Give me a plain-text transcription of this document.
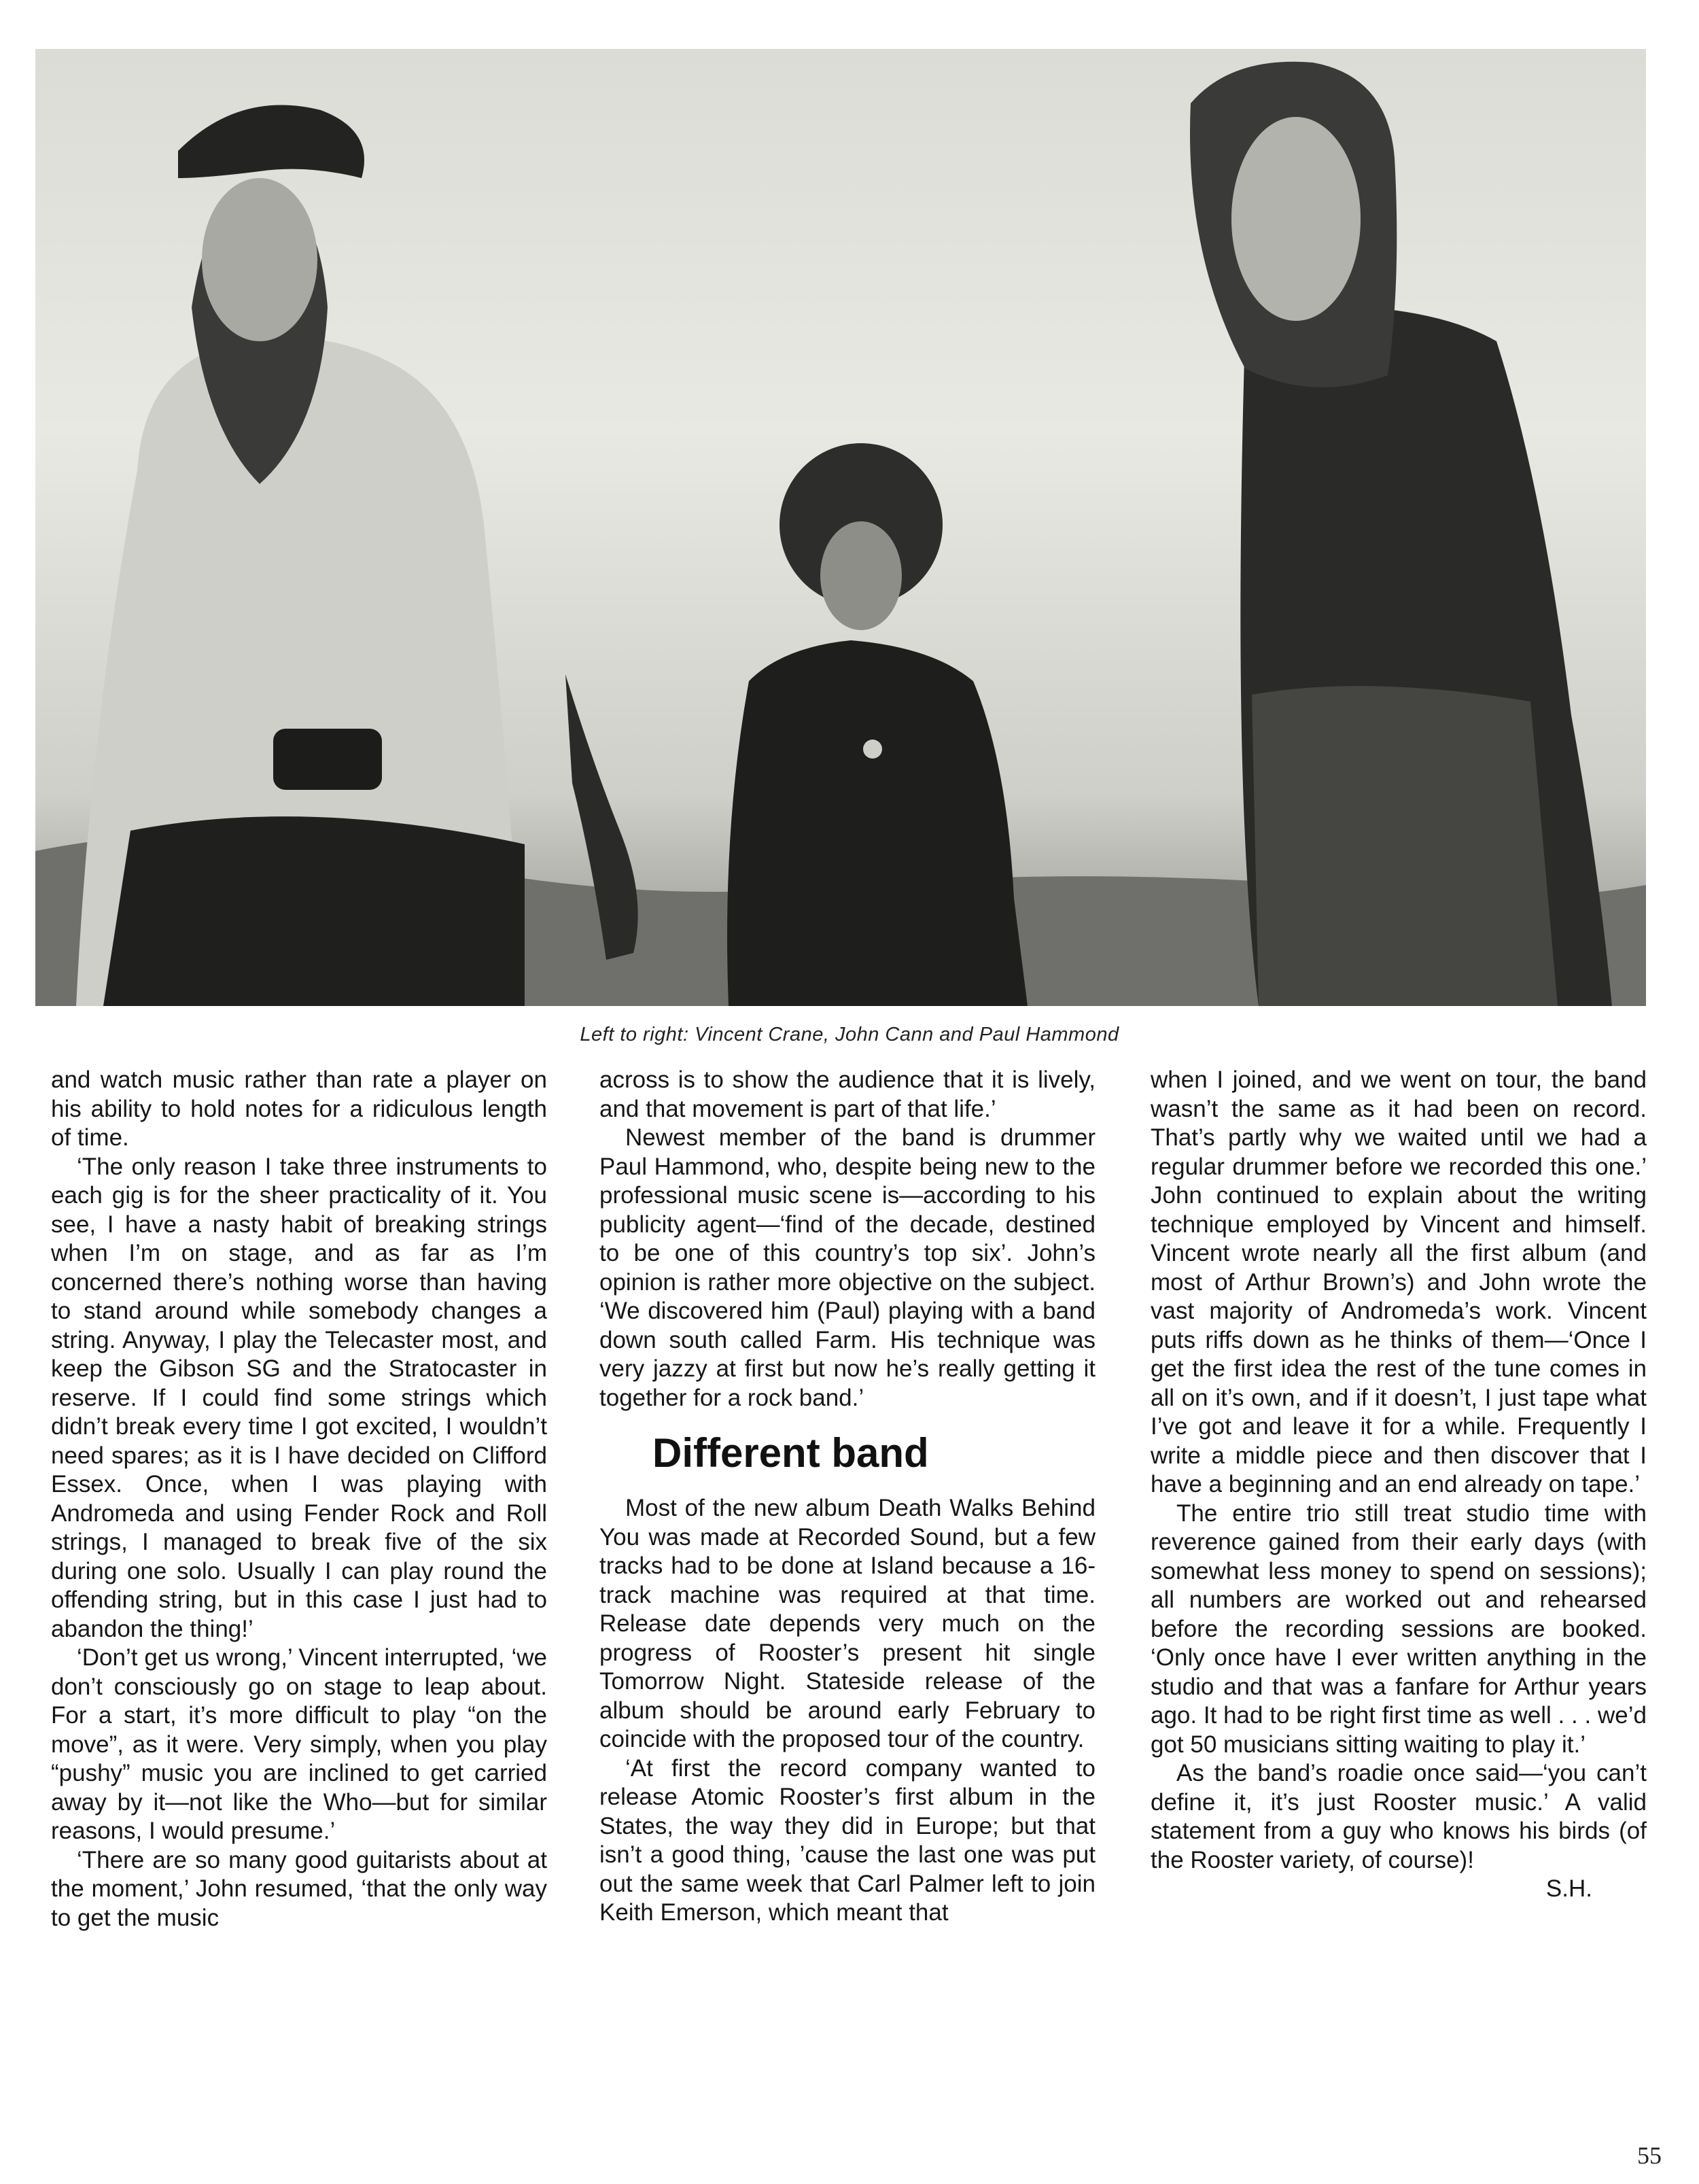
Left to right: Vincent Crane, John Cann and Paul Hammond

and watch music rather than rate a player on his ability to hold notes for a ridiculous length of time.

‘The only reason I take three instruments to each gig is for the sheer practicality of it. You see, I have a nasty habit of breaking strings when I’m on stage, and as far as I’m concerned there’s nothing worse than having to stand around while somebody changes a string. Anyway, I play the Telecaster most, and keep the Gibson SG and the Stratocaster in reserve. If I could find some strings which didn’t break every time I got excited, I wouldn’t need spares; as it is I have decided on Clifford Essex. Once, when I was playing with Andromeda and using Fender Rock and Roll strings, I managed to break five of the six during one solo. Usually I can play round the offending string, but in this case I just had to abandon the thing!’

‘Don’t get us wrong,’ Vincent interrupted, ‘we don’t consciously go on stage to leap about. For a start, it’s more difficult to play “on the move”, as it were. Very simply, when you play “pushy” music you are inclined to get carried away by it—not like the Who—but for similar reasons, I would presume.’

‘There are so many good guitarists about at the moment,’ John resumed, ‘that the only way to get the music

across is to show the audience that it is lively, and that movement is part of that life.’

Newest member of the band is drummer Paul Hammond, who, despite being new to the professional music scene is—according to his publicity agent—‘find of the decade, destined to be one of this country’s top six’. John’s opinion is rather more objective on the subject. ‘We discovered him (Paul) playing with a band down south called Farm. His technique was very jazzy at first but now he’s really getting it together for a rock band.’

Different band

Most of the new album Death Walks Behind You was made at Recorded Sound, but a few tracks had to be done at Island because a 16-track machine was required at that time. Release date depends very much on the progress of Rooster’s present hit single Tomorrow Night. Stateside release of the album should be around early February to coincide with the proposed tour of the country.

‘At first the record company wanted to release Atomic Rooster’s first album in the States, the way they did in Europe; but that isn’t a good thing, ’cause the last one was put out the same week that Carl Palmer left to join Keith Emerson, which meant that

when I joined, and we went on tour, the band wasn’t the same as it had been on record. That’s partly why we waited until we had a regular drummer before we recorded this one.’ John continued to explain about the writing technique employed by Vincent and himself. Vincent wrote nearly all the first album (and most of Arthur Brown’s) and John wrote the vast majority of Andromeda’s work. Vincent puts riffs down as he thinks of them—‘Once I get the first idea the rest of the tune comes in all on it’s own, and if it doesn’t, I just tape what I’ve got and leave it for a while. Frequently I write a middle piece and then discover that I have a beginning and an end already on tape.’

The entire trio still treat studio time with reverence gained from their early days (with somewhat less money to spend on sessions); all numbers are worked out and rehearsed before the recording sessions are booked. ‘Only once have I ever written anything in the studio and that was a fanfare for Arthur years ago. It had to be right first time as well . . . we’d got 50 musicians sitting waiting to play it.’

As the band’s roadie once said—‘you can’t define it, it’s just Rooster music.’ A valid statement from a guy who knows his birds (of the Rooster variety, of course)!

S.H.

55
